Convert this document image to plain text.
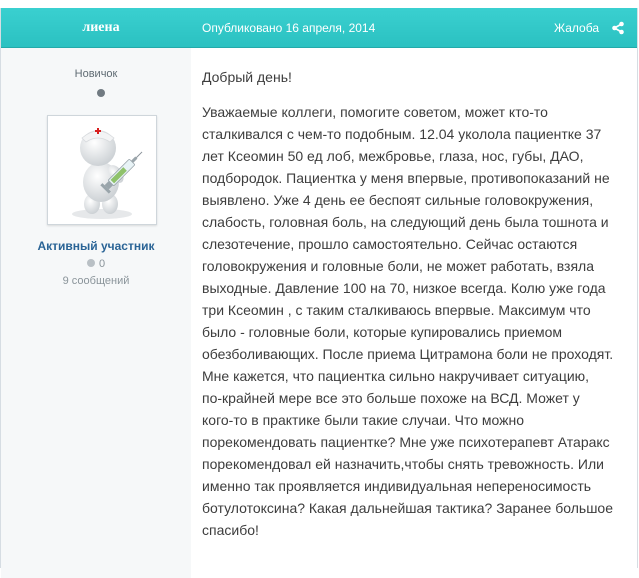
лиена	Опубликовано 16 апреля, 2014	Жалоба
Новичок
Активный участник
0
9 сообщений

Добрый день!

Уважаемые коллеги, помогите советом, может кто-то
сталкивался с чем-то подобным. 12.04 уколола пациентке 37
лет Ксеомин 50 ед лоб, межбровье, глаза, нос, губы, ДАО,
подбородок. Пациентка у меня впервые, противопоказаний не
выявлено. Уже 4 день ее беспоят сильные головокружения,
слабость, головная боль, на следующий день была тошнота и
слезотечение, прошло самостоятельно. Сейчас остаются
головокружения и головные боли, не может работать, взяла
выходные. Давление 100 на 70, низкое всегда. Колю уже года
три Ксеомин , с таким сталкиваюсь впервые. Максимум что
было - головные боли, которые купировались приемом
обезболивающих. После приема Цитрамона боли не проходят.
Мне кажется, что пациентка сильно накручивает ситуацию,
по-крайней мере все это больше похоже на ВСД. Может у
кого-то в практике были такие случаи. Что можно
порекомендовать пациентке? Мне уже психотерапевт Атаракс
порекомендовал ей назначить,чтобы снять тревожность. Или
именно так проявляется индивидуальная непереносимость
ботулотоксина? Какая дальнейшая тактика? Заранее большое
спасибо!
